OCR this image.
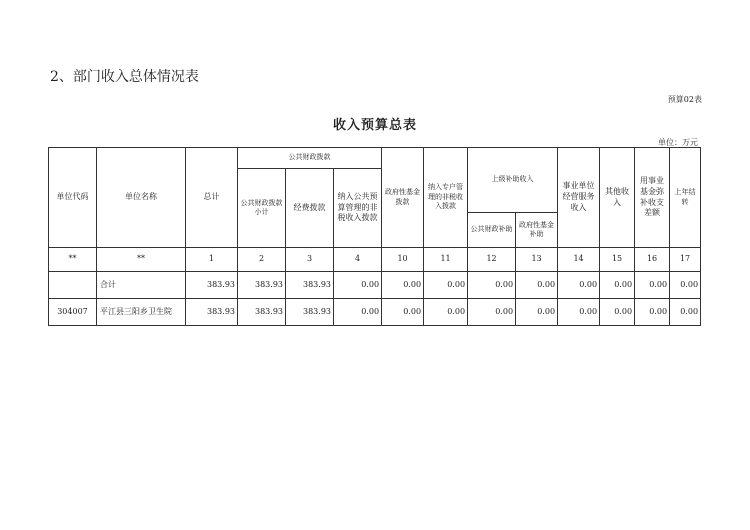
2、部门收入总体情况表
预算02表
收入预算总表
单位：万元
单位代码	单位名称	总计	公共财政拨款			政府性基金拨款	纳入专户管理的非税收入拨款	上级补助收入		事业单位经营服务收入	其他收入	用事业基金弥补收支差额	上年结转
			公共财政拨款小计	经费拨款	纳入公共预算管理的非税收入拨款								
								公共财政补助	政府性基金补助				
**	**	1	2	3	4	10	11	12	13	14	15	16	17
	合计	383.93	383.93	383.93	0.00	0.00	0.00	0.00	0.00	0.00	0.00	0.00	0.00
304007	平江县三阳乡卫生院	383.93	383.93	383.93	0.00	0.00	0.00	0.00	0.00	0.00	0.00	0.00	0.00
